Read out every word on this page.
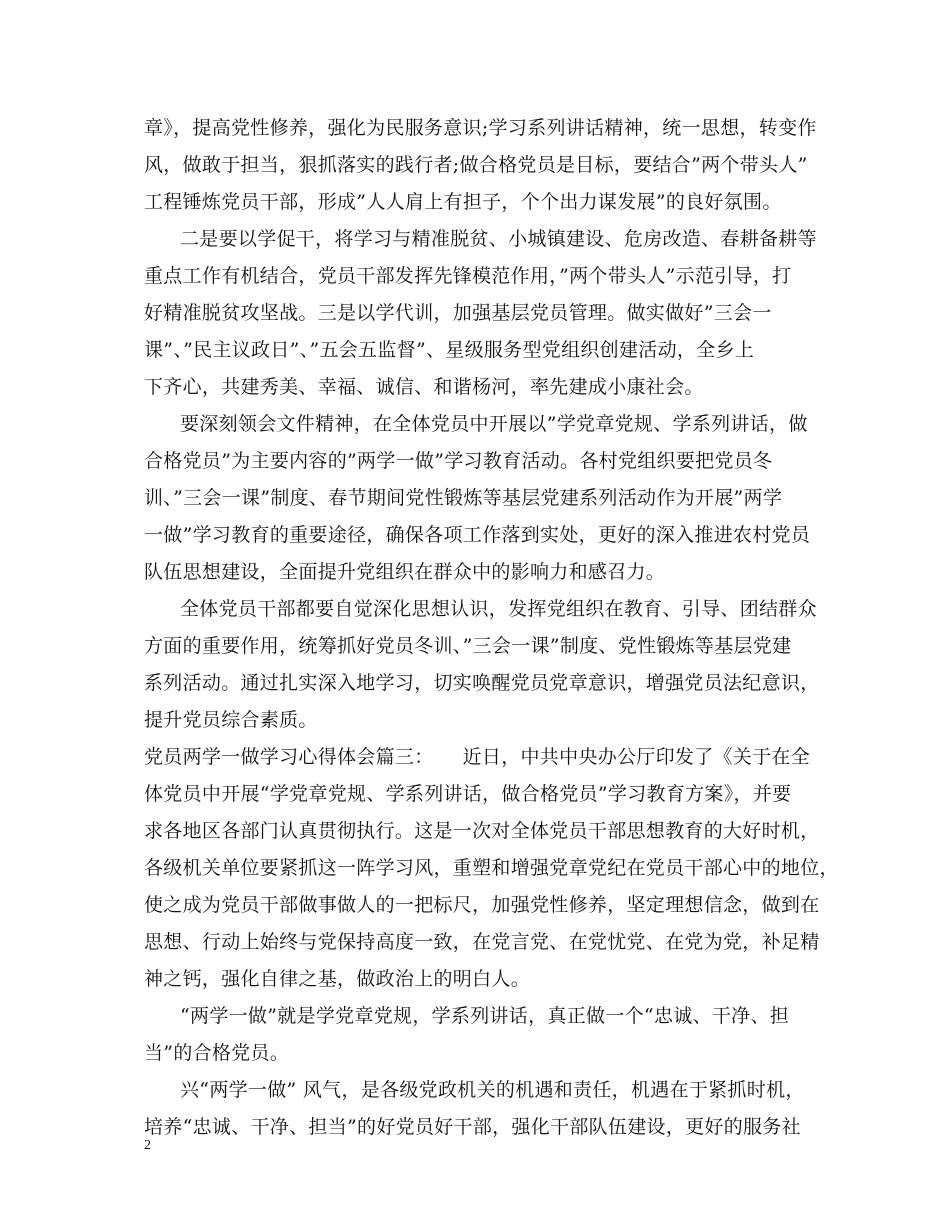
章》，提高党性修养，强化为民服务意识;学习系列讲话精神，统一思想，转变作
风，做敢于担当，狠抓落实的践行者;做合格党员是目标，要结合”两个带头人”
工程锤炼党员干部，形成”人人肩上有担子，个个出力谋发展”的良好氛围。
二是要以学促干，将学习与精准脱贫、小城镇建设、危房改造、春耕备耕等
重点工作有机结合，党员干部发挥先锋模范作用，”两个带头人”示范引导，打
好精准脱贫攻坚战。三是以学代训，加强基层党员管理。做实做好”三会一
课”、”民主议政日”、”五会五监督”、星级服务型党组织创建活动，全乡上
下齐心，共建秀美、幸福、诚信、和谐杨河，率先建成小康社会。
要深刻领会文件精神，在全体党员中开展以”学党章党规、学系列讲话，做
合格党员”为主要内容的”两学一做”学习教育活动。各村党组织要把党员冬
训、”三会一课”制度、春节期间党性锻炼等基层党建系列活动作为开展”两学
一做”学习教育的重要途径，确保各项工作落到实处，更好的深入推进农村党员
队伍思想建设，全面提升党组织在群众中的影响力和感召力。
全体党员干部都要自觉深化思想认识，发挥党组织在教育、引导、团结群众
方面的重要作用，统筹抓好党员冬训、”三会一课”制度、党性锻炼等基层党建
系列活动。通过扎实深入地学习，切实唤醒党员党章意识，增强党员法纪意识，
提升党员综合素质。
党员两学一做学习心得体会篇三：　　近日，中共中央办公厅印发了《关于在全
体党员中开展“学党章党规、学系列讲话，做合格党员”学习教育方案》，并要
求各地区各部门认真贯彻执行。这是一次对全体党员干部思想教育的大好时机，
各级机关单位要紧抓这一阵学习风，重塑和增强党章党纪在党员干部心中的地位，
使之成为党员干部做事做人的一把标尺，加强党性修养，坚定理想信念，做到在
思想、行动上始终与党保持高度一致，在党言党、在党忧党、在党为党，补足精
神之钙，强化自律之基，做政治上的明白人。
“两学一做”就是学党章党规，学系列讲话，真正做一个“忠诚、干净、担
当”的合格党员。
兴“两学一做” 风气，是各级党政机关的机遇和责任，机遇在于紧抓时机，
培养“忠诚、干净、担当”的好党员好干部，强化干部队伍建设，更好的服务社
2
